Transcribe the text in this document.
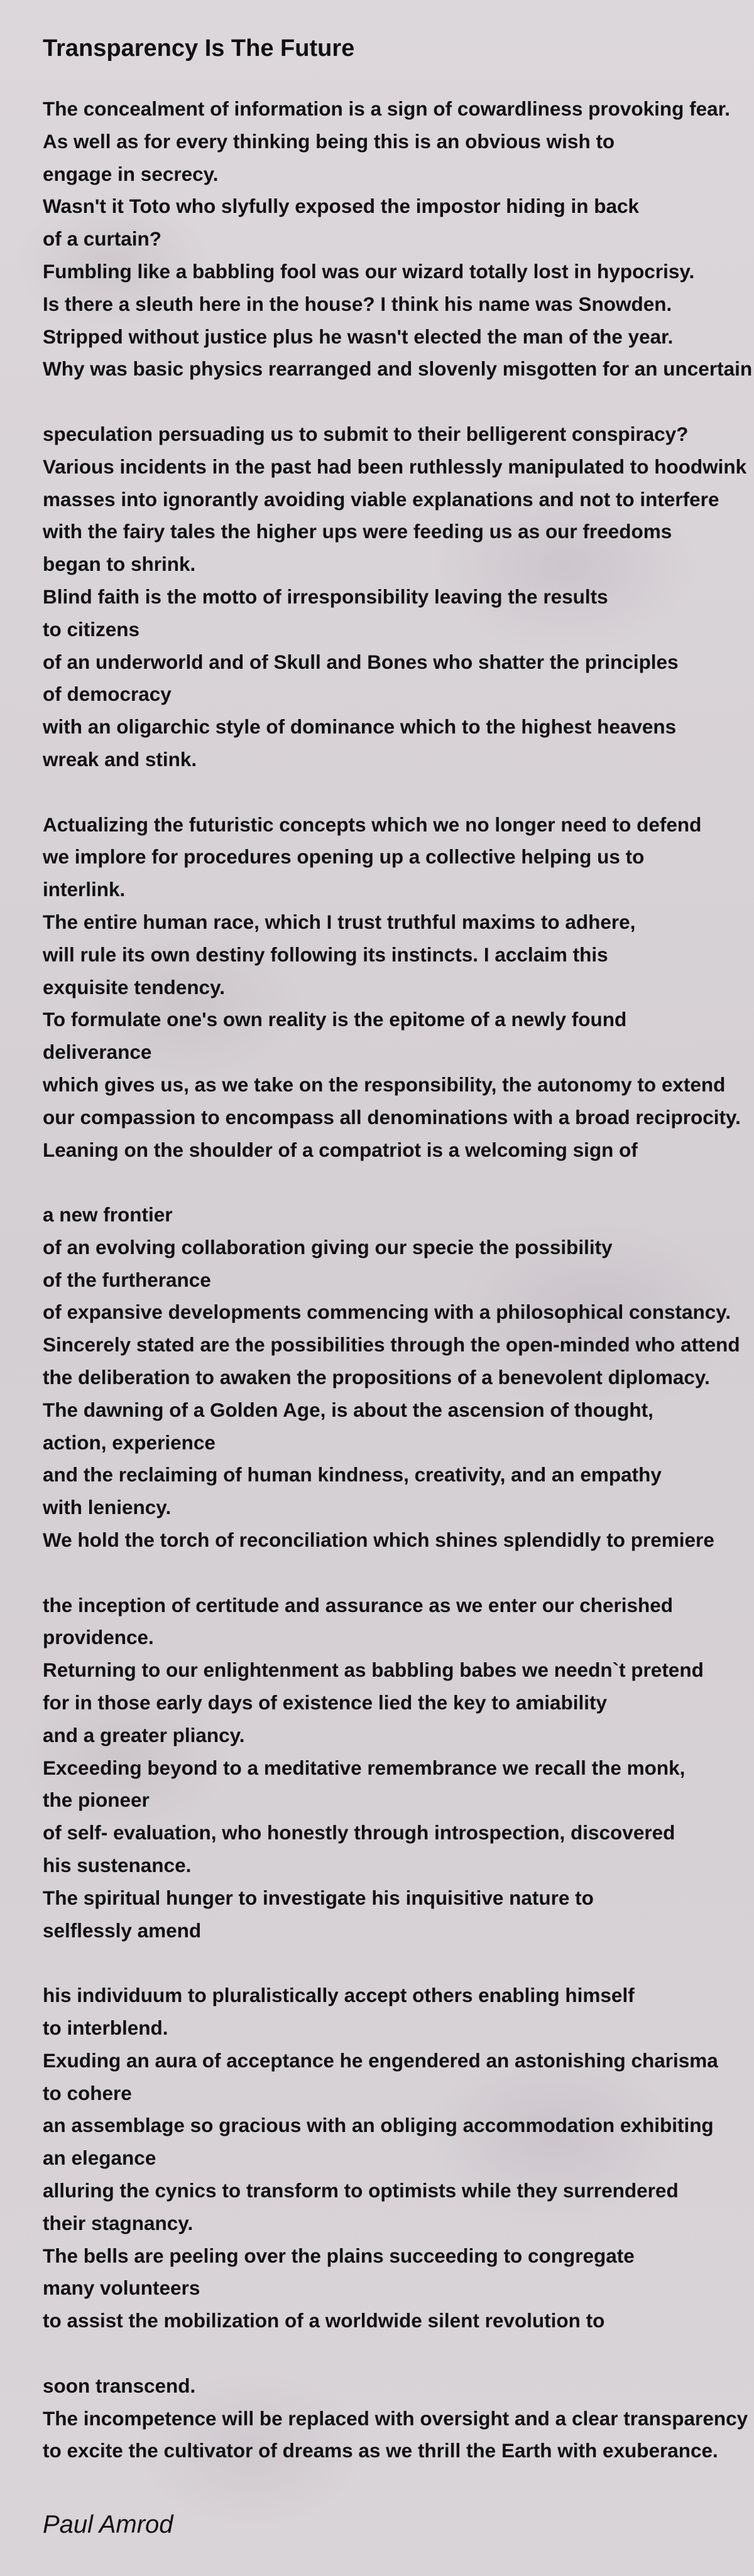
Transparency Is The Future
The concealment of information is a sign of cowardliness provoking fear.
As well as for every thinking being this is an obvious wish to
engage in secrecy.
Wasn't it Toto who slyfully exposed the impostor hiding in back
of a curtain?
Fumbling like a babbling fool was our wizard totally lost in hypocrisy.
Is there a sleuth here in the house? I think his name was Snowden.
Stripped without justice plus he wasn't elected the man of the year.
Why was basic physics rearranged and slovenly misgotten for an uncertain
speculation persuading us to submit to their belligerent conspiracy?
Various incidents in the past had been ruthlessly manipulated to hoodwink
masses into ignorantly avoiding viable explanations and not to interfere
with the fairy tales the higher ups were feeding us as our freedoms
began to shrink.
Blind faith is the motto of irresponsibility leaving the results
to citizens
of an underworld and of Skull and Bones who shatter the principles
of democracy
with an oligarchic style of dominance which to the highest heavens
wreak and stink.
Actualizing the futuristic concepts which we no longer need to defend
we implore for procedures opening up a collective helping us to
interlink.
The entire human race, which I trust truthful maxims to adhere,
will rule its own destiny following its instincts. I acclaim this
exquisite tendency.
To formulate one's own reality is the epitome of a newly found
deliverance
which gives us, as we take on the responsibility, the autonomy to extend
our compassion to encompass all denominations with a broad reciprocity.
Leaning on the shoulder of a compatriot is a welcoming sign of
a new frontier
of an evolving collaboration giving our specie the possibility
of the furtherance
of expansive developments commencing with a philosophical constancy.
Sincerely stated are the possibilities through the open-minded who attend
the deliberation to awaken the propositions of a benevolent diplomacy.
The dawning of a Golden Age, is about the ascension of thought,
action, experience
and the reclaiming of human kindness, creativity, and an empathy
with leniency.
We hold the torch of reconciliation which shines splendidly to premiere
the inception of certitude and assurance as we enter our cherished
providence.
Returning to our enlightenment as babbling babes we needn`t pretend
for in those early days of existence lied the key to amiability
and a greater pliancy.
Exceeding beyond to a meditative remembrance we recall the monk,
the pioneer
of self- evaluation, who honestly through introspection, discovered
his sustenance.
The spiritual hunger to investigate his inquisitive nature to
selflessly amend
his individuum to pluralistically accept others enabling himself
to interblend.
Exuding an aura of acceptance he engendered an astonishing charisma
to cohere
an assemblage so gracious with an obliging accommodation exhibiting
an elegance
alluring the cynics to transform to optimists while they surrendered
their stagnancy.
The bells are peeling over the plains succeeding to congregate
many volunteers
to assist the mobilization of a worldwide silent revolution to
soon transcend.
The incompetence will be replaced with oversight and a clear transparency
to excite the cultivator of dreams as we thrill the Earth with exuberance.
Paul Amrod
